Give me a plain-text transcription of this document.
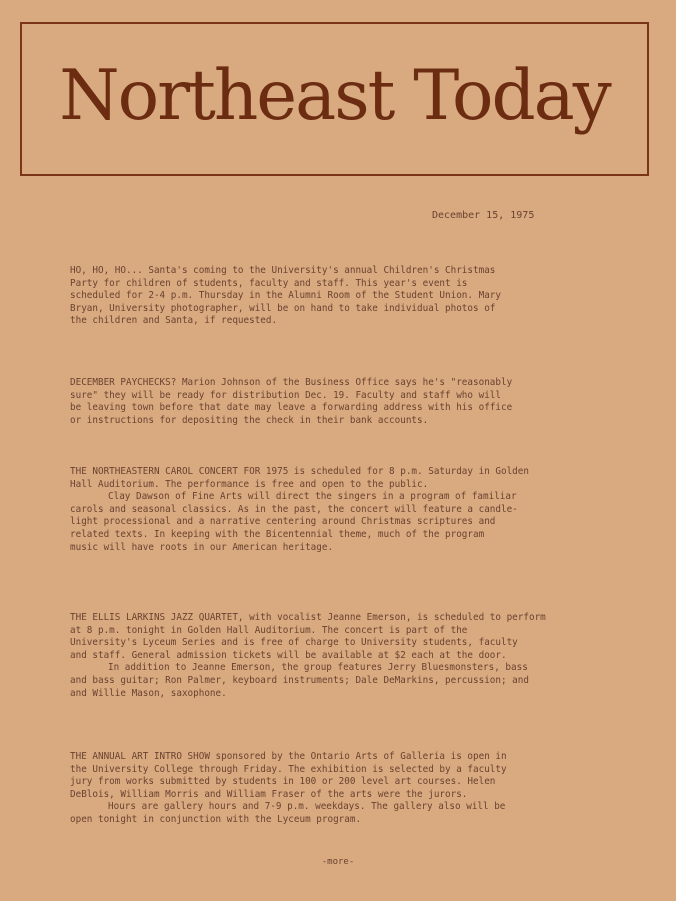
Northeast Today
December 15, 1975

HO, HO, HO... Santa's coming to the University's annual Children's Christmas

Party for children of students, faculty and staff. This year's event is

scheduled for 2-4 p.m. Thursday in the Alumni Room of the Student Union. Mary

Bryan, University photographer, will be on hand to take individual photos of

the children and Santa, if requested.

DECEMBER PAYCHECKS? Marion Johnson of the Business Office says he's "reasonably

sure" they will be ready for distribution Dec. 19. Faculty and staff who will

be leaving town before that date may leave a forwarding address with his office

or instructions for depositing the check in their bank accounts.

THE NORTHEASTERN CAROL CONCERT FOR 1975 is scheduled for 8 p.m. Saturday in Golden

Hall Auditorium. The performance is free and open to the public.

Clay Dawson of Fine Arts will direct the singers in a program of familiar

carols and seasonal classics. As in the past, the concert will feature a candle-

light processional and a narrative centering around Christmas scriptures and

related texts. In keeping with the Bicentennial theme, much of the program

music will have roots in our American heritage.

THE ELLIS LARKINS JAZZ QUARTET, with vocalist Jeanne Emerson, is scheduled to perform

at 8 p.m. tonight in Golden Hall Auditorium. The concert is part of the

University's Lyceum Series and is free of charge to University students, faculty

and staff. General admission tickets will be available at $2 each at the door.

In addition to Jeanne Emerson, the group features Jerry Bluesmonsters, bass

and bass guitar; Ron Palmer, keyboard instruments; Dale DeMarkins, percussion; and

and Willie Mason, saxophone.

THE ANNUAL ART INTRO SHOW sponsored by the Ontario Arts of Galleria is open in

the University College through Friday. The exhibition is selected by a faculty

jury from works submitted by students in 100 or 200 level art courses. Helen

DeBlois, William Morris and William Fraser of the arts were the jurors.

Hours are gallery hours and 7-9 p.m. weekdays. The gallery also will be

open tonight in conjunction with the Lyceum program.

-more-
